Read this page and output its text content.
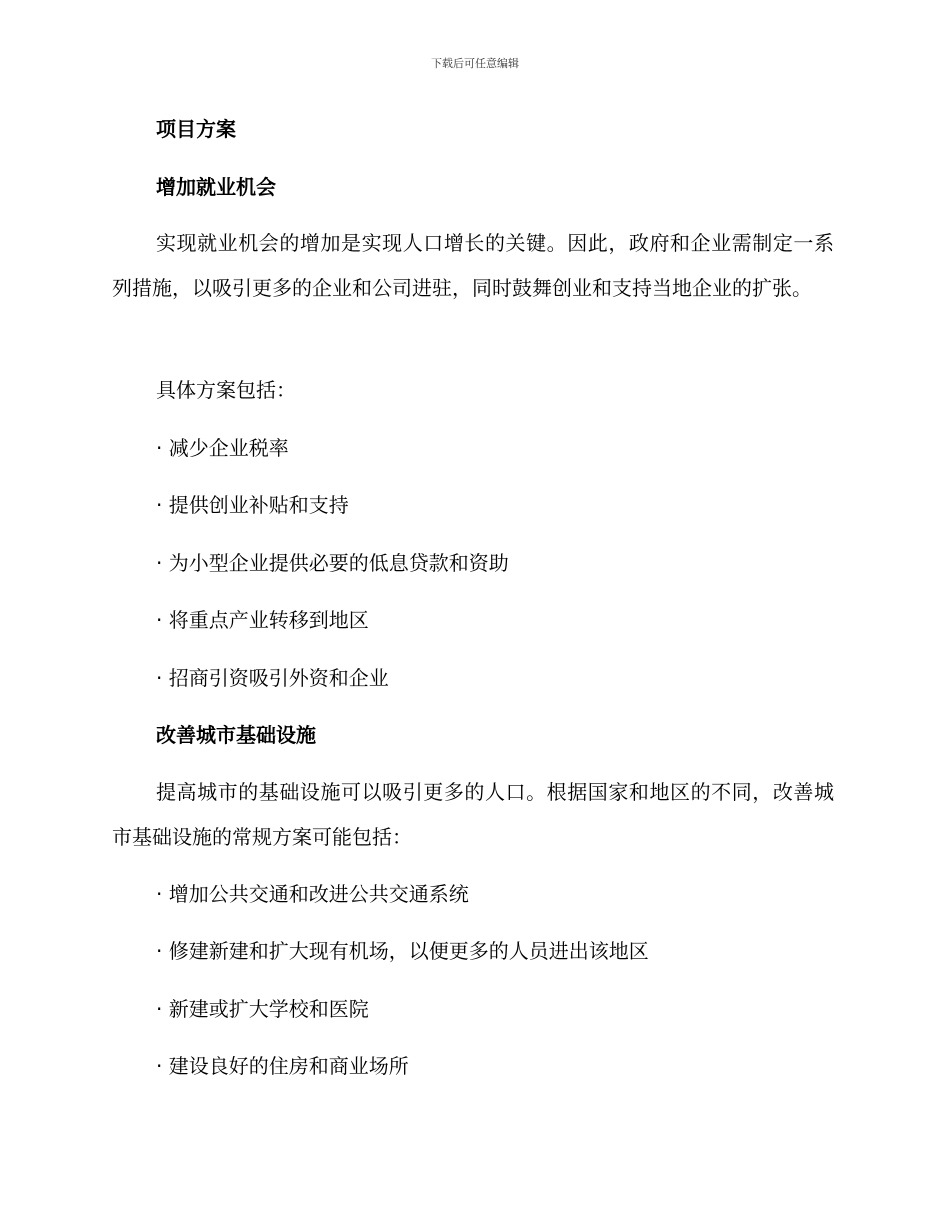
下载后可任意编辑
项目方案
增加就业机会
实现就业机会的增加是实现人口增长的关键。因此，政府和企业需制定一系列措施，以吸引更多的企业和公司进驻，同时鼓舞创业和支持当地企业的扩张。
具体方案包括：
· 减少企业税率
· 提供创业补贴和支持
· 为小型企业提供必要的低息贷款和资助
· 将重点产业转移到地区
· 招商引资吸引外资和企业
改善城市基础设施
提高城市的基础设施可以吸引更多的人口。根据国家和地区的不同，改善城市基础设施的常规方案可能包括：
· 增加公共交通和改进公共交通系统
· 修建新建和扩大现有机场，以便更多的人员进出该地区
· 新建或扩大学校和医院
· 建设良好的住房和商业场所
